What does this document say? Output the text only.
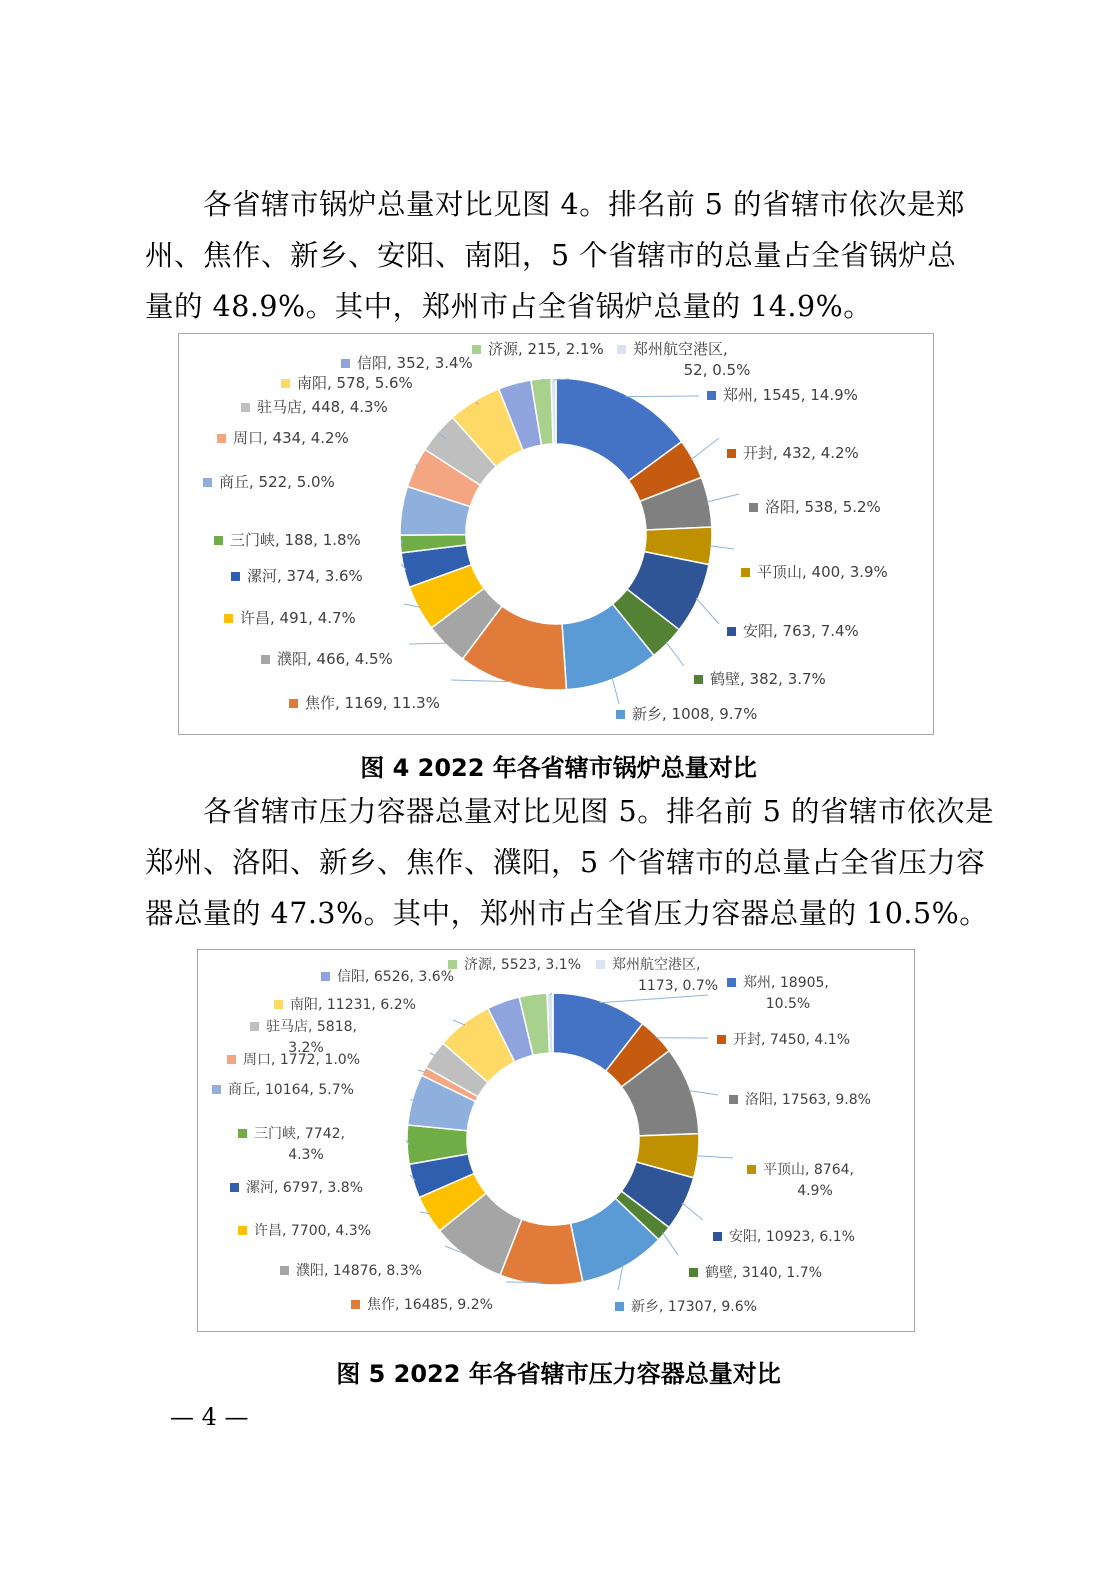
　　各省辖市锅炉总量对比见图 4。排名前 5 的省辖市依次是郑
州、焦作、新乡、安阳、南阳，5 个省辖市的总量占全省锅炉总
量的 48.9%。其中，郑州市占全省锅炉总量的 14.9%。
郑州, 1545, 14.9%
开封, 432, 4.2%
洛阳, 538, 5.2%
平顶山, 400, 3.9%
安阳, 763, 7.4%
鹤壁, 382, 3.7%
新乡, 1008, 9.7%
焦作, 1169, 11.3%
濮阳, 466, 4.5%
许昌, 491, 4.7%
漯河, 374, 3.6%
三门峡, 188, 1.8%
商丘, 522, 5.0%
周口, 434, 4.2%
驻马店, 448, 4.3%
南阳, 578, 5.6%
信阳, 352, 3.4%
济源, 215, 2.1% 郑州航空港区,
52, 0.5%
图 4 2022 年各省辖市锅炉总量对比
　　各省辖市压力容器总量对比见图 5。排名前 5 的省辖市依次是
郑州、洛阳、新乡、焦作、濮阳，5 个省辖市的总量占全省压力容
器总量的 47.3%。其中，郑州市占全省压力容器总量的 10.5%。
郑州, 18905,
10.5%
开封, 7450, 4.1%
洛阳, 17563, 9.8%
平顶山, 8764,
4.9%
安阳, 10923, 6.1%
鹤壁, 3140, 1.7%
新乡, 17307, 9.6%
焦作, 16485, 9.2%
濮阳, 14876, 8.3%
许昌, 7700, 4.3%
漯河, 6797, 3.8%
三门峡, 7742,
4.3%
商丘, 10164, 5.7%
周口, 1772, 1.0%
驻马店, 5818,
3.2%
南阳, 11231, 6.2%
信阳, 6526, 3.6%
济源, 5523, 3.1% 郑州航空港区,
1173, 0.7%
图 5 2022 年各省辖市压力容器总量对比
— 4 —
